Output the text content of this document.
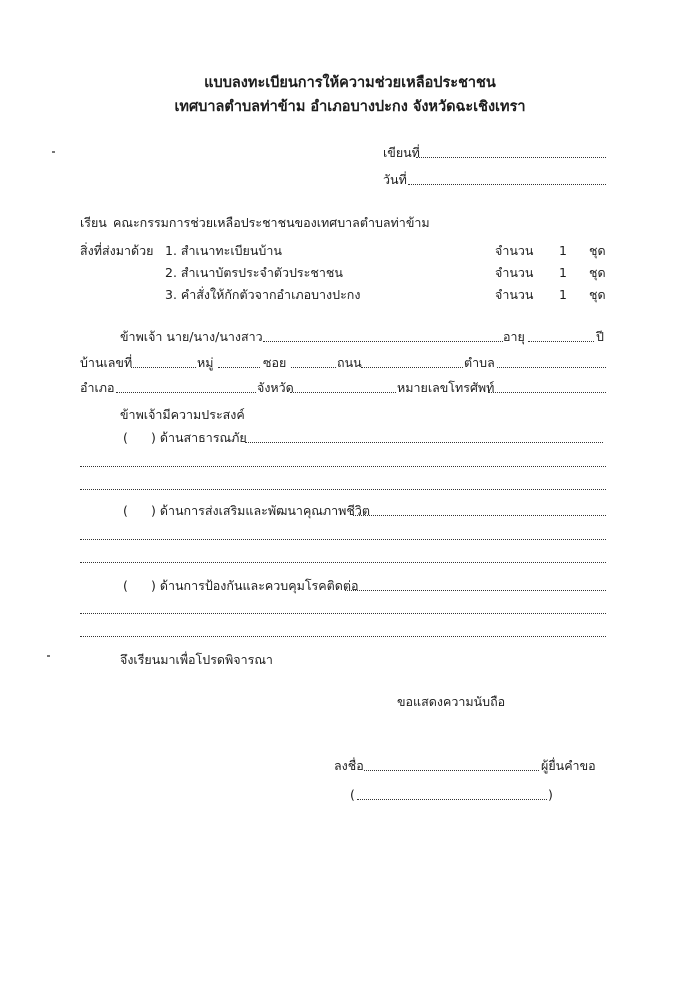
แบบลงทะเบียนการให้ความช่วยเหลือประชาชน
เทศบาลตำบลท่าข้าม อำเภอบางปะกง จังหวัดฉะเชิงเทรา
เขียนที่
วันที่
เรียน คณะกรรมการช่วยเหลือประชาชนของเทศบาลตำบลท่าข้าม
สิ่งที่ส่งมาด้วย 1. สำเนาทะเบียนบ้าน	จำนวน 1 ชุด
2. สำเนาบัตรประจำตัวประชาชน	จำนวน 1 ชุด
3. คำสั่งให้กักตัวจากอำเภอบางปะกง	จำนวน 1 ชุด
ข้าพเจ้า นาย/นาง/นางสาว	อายุ	ปี
บ้านเลขที่	หมู่	ซอย	ถนน	ตำบล
อำเภอ	จังหวัด	หมายเลขโทรศัพท์
ข้าพเจ้ามีความประสงค์
( ) ด้านสาธารณภัย
( ) ด้านการส่งเสริมและพัฒนาคุณภาพชีวิต
( ) ด้านการป้องกันและควบคุมโรคติดต่อ
จึงเรียนมาเพื่อโปรดพิจารณา
ขอแสดงความนับถือ
ลงชื่อ	ผู้ยื่นคำขอ
(	)
